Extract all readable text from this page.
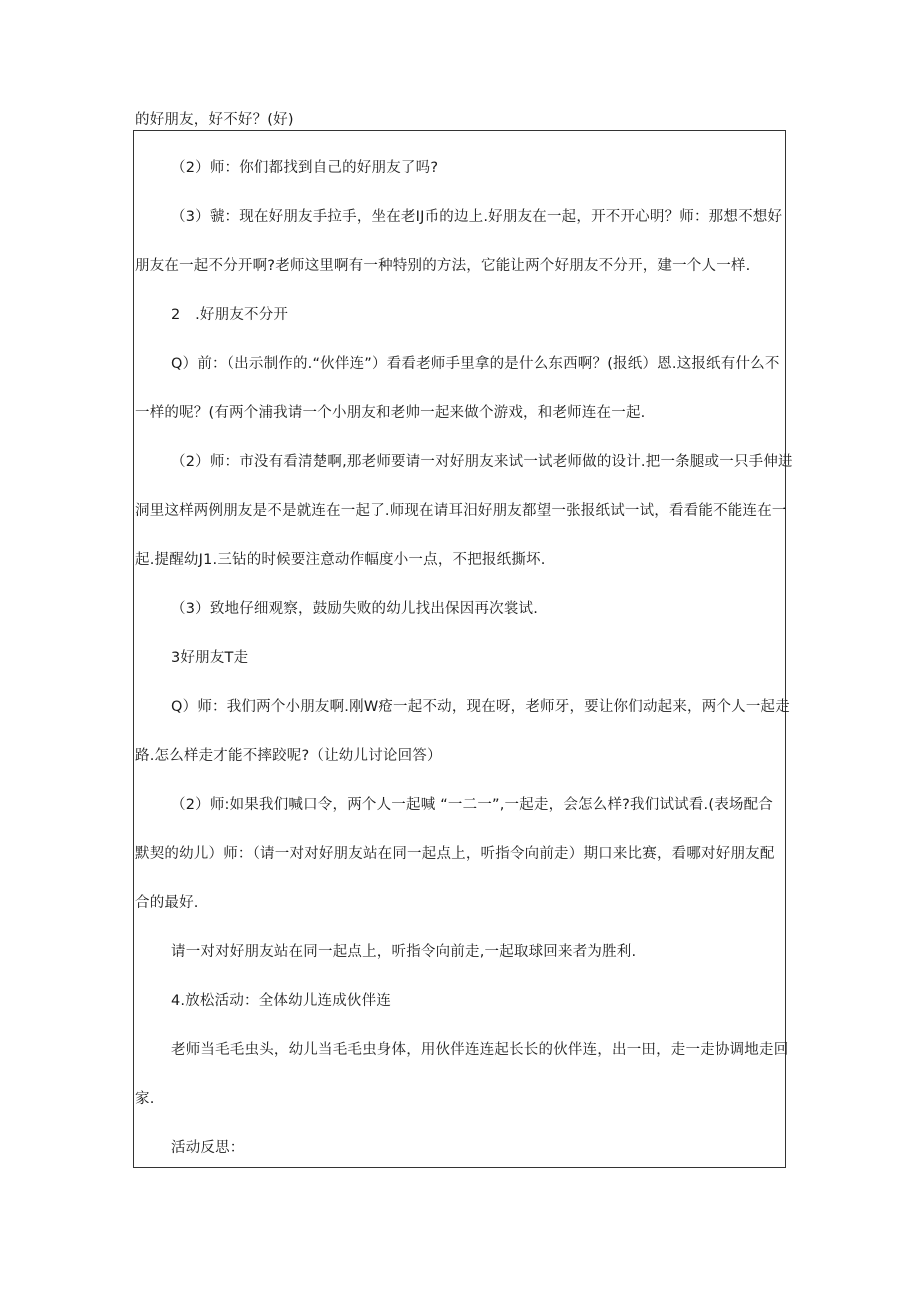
的好朋友，好不好？(好)
（2）师：你们都找到自己的好朋友了吗?
（3）虢：现在好朋友手拉手，坐在老IJ币的边上.好朋友在一起，开不开心明？师：那想不想好
朋友在一起不分开啊?老师这里啊有一种特别的方法，它能让两个好朋友不分开，建一个人一样.
2　.好朋友不分开
Q）前：（出示制作的.“伙伴连”）看看老师手里拿的是什么东西啊？(报纸）恩.这报纸有什么不
一样的呢？(有两个浦我请一个小朋友和老帅一起来做个游戏，和老师连在一起.
（2）师：市没有看清楚啊,那老师要请一对好朋友来试一试老师做的设计.把一条腿或一只手伸进
洞里这样两例朋友是不是就连在一起了.师现在请耳汨好朋友都望一张报纸试一试，看看能不能连在一
起.提醒幼J1.三钻的时候要注意动作幅度小一点，不把报纸撕坏.
（3）致地仔细观察，鼓励失败的幼儿找出保因再次裳试.
3好朋友T走
Q）师：我们两个小朋友啊.刚W疮一起不动，现在呀，老师牙，要让你们动起来，两个人一起走
路.怎么样走才能不摔跤呢?（让幼儿讨论回答）
（2）师:如果我们喊口令，两个人一起喊 “一二一”,一起走，会怎么样?我们试试看.(表场配合
默契的幼儿）师：（请一对对好朋友站在同一起点上，听指令向前走）期口来比赛，看哪对好朋友配
合的最好.
请一对对好朋友站在同一起点上，听指令向前走,一起取球回来者为胜利.
4.放松活动：全体幼儿连成伙伴连
老师当毛毛虫头，幼儿当毛毛虫身体，用伙伴连连起长长的伙伴连，出一田，走一走协调地走回
家.
活动反思：
